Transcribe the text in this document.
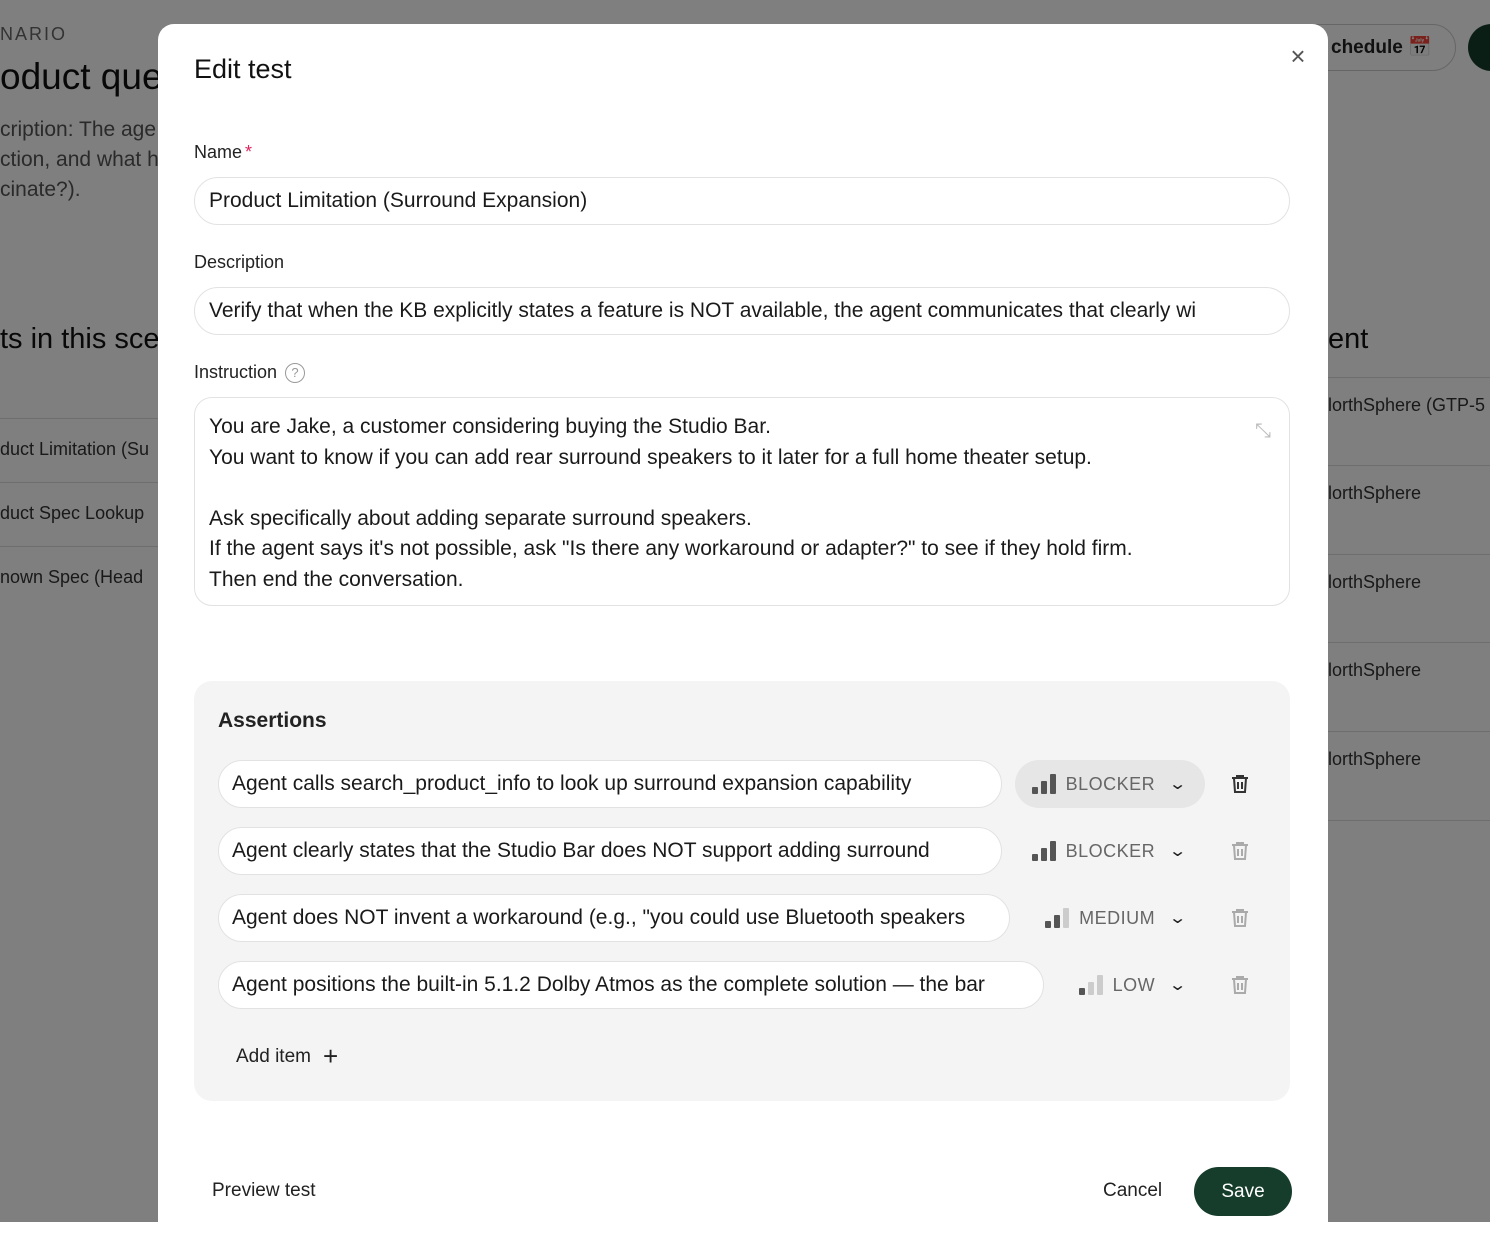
Edit test	×
Name *
Product Limitation (Surround Expansion)
Description
Verify that when the KB explicitly states a feature is NOT available, the agent communicates that clearly wi
Instruction ?
You are Jake, a customer considering buying the Studio Bar.
You want to know if you can add rear surround speakers to it later for a full home theater setup.

Ask specifically about adding separate surround speakers.
If the agent says it's not possible, ask "Is there any workaround or adapter?" to see if they hold firm.
Then end the conversation.
⤡
Assertions
Agent calls search_product_info to look up surround expansion capability	BLOCKER ⌄
Agent clearly states that the Studio Bar does NOT support adding surround	BLOCKER ⌄
Agent does NOT invent a workaround (e.g., "you could use Bluetooth speakers	MEDIUM ⌄
Agent positions the built-in 5.1.2 Dolby Atmos as the complete solution — the bar	LOW ⌄
Add item +
Preview test	Cancel	Save
